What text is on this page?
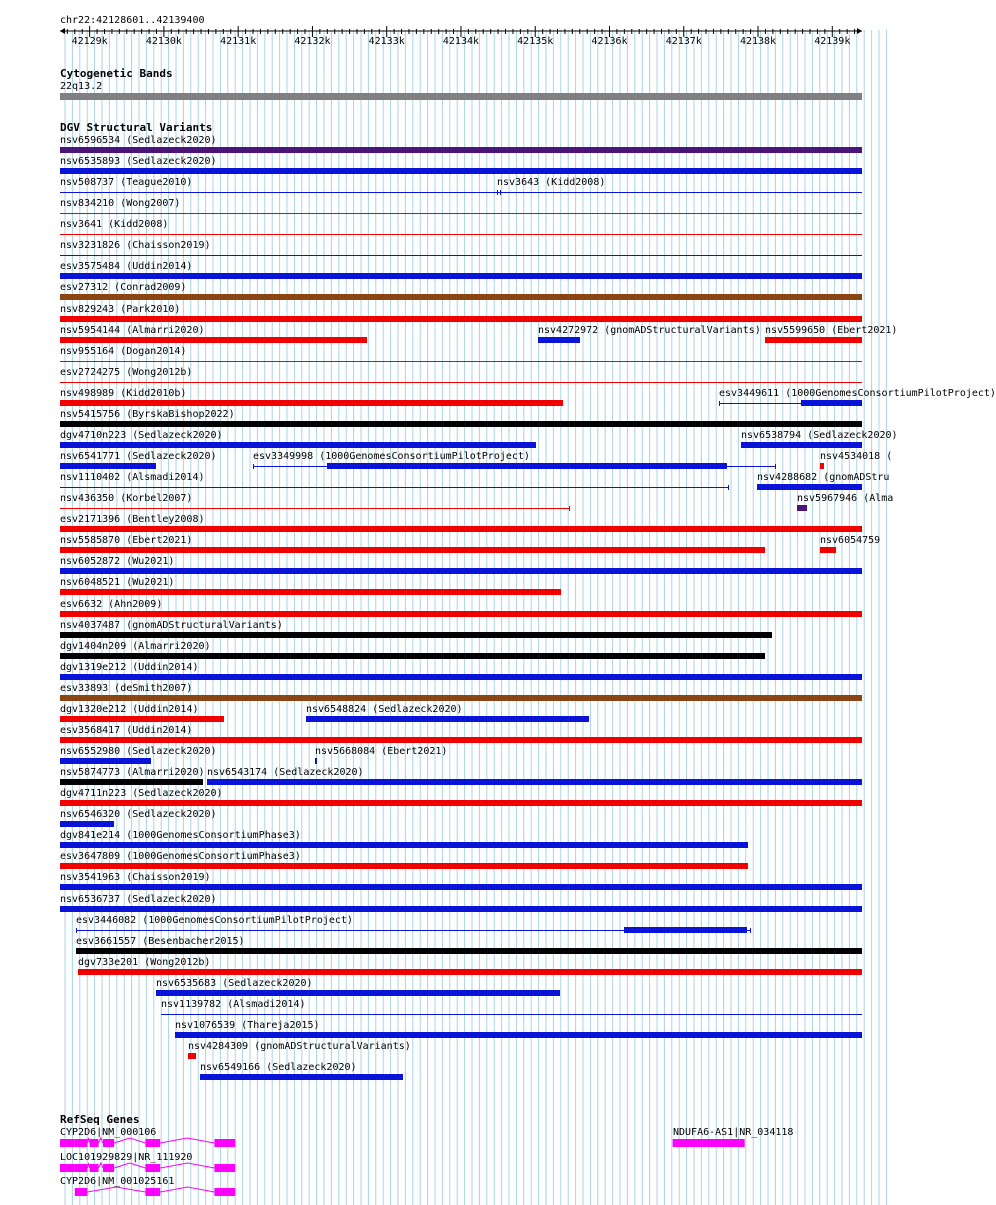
chr22:42128601..42139400
42129k	42130k	42131k	42132k	42133k	42134k	42135k	42136k	42137k	42138k	42139k
Cytogenetic Bands
22q13.2
DGV Structural Variants
nsv6596534 (Sedlazeck2020)
nsv6535893 (Sedlazeck2020)
nsv508737 (Teague2010)	nsv3643 (Kidd2008)
nsv834210 (Wong2007)
nsv3641 (Kidd2008)
nsv3231826 (Chaisson2019)
esv3575484 (Uddin2014)
esv27312 (Conrad2009)
nsv829243 (Park2010)
nsv5954144 (Almarri2020)	nsv4272972 (gnomADStructuralVariants) nsv5599650 (Ebert2021)
nsv955164 (Dogan2014)
esv2724275 (Wong2012b)
nsv498989 (Kidd2010b)	esv3449611 (1000GenomesConsortiumPilotProject)
nsv5415756 (ByrskaBishop2022)
dgv4710n223 (Sedlazeck2020)	nsv6538794 (Sedlazeck2020)
nsv6541771 (Sedlazeck2020)	esv3349998 (1000GenomesConsortiumPilotProject)	nsv4534018 (
nsv1110402 (Alsmadi2014)	nsv4288682 (gnomADStru
nsv436350 (Korbel2007)	nsv5967946 (Alma
esv2171396 (Bentley2008)
nsv5585870 (Ebert2021)	nsv6054759
nsv6052872 (Wu2021)
nsv6048521 (Wu2021)
esv6632 (Ahn2009)
nsv4037487 (gnomADStructuralVariants)
dgv1404n209 (Almarri2020)
dgv1319e212 (Uddin2014)
esv33893 (deSmith2007)
dgv1320e212 (Uddin2014)	nsv6548824 (Sedlazeck2020)
esv3568417 (Uddin2014)
nsv6552980 (Sedlazeck2020)	nsv5668084 (Ebert2021)
nsv5874773 (Almarri2020) nsv6543174 (Sedlazeck2020)
dgv4711n223 (Sedlazeck2020)
nsv6546320 (Sedlazeck2020)
dgv841e214 (1000GenomesConsortiumPhase3)
esv3647809 (1000GenomesConsortiumPhase3)
nsv3541963 (Chaisson2019)
nsv6536737 (Sedlazeck2020)
esv3446082 (1000GenomesConsortiumPilotProject)
esv3661557 (Besenbacher2015)
dgv733e201 (Wong2012b)
nsv6535683 (Sedlazeck2020)
nsv1139782 (Alsmadi2014)
nsv1076539 (Thareja2015)
nsv4284309 (gnomADStructuralVariants)
nsv6549166 (Sedlazeck2020)
RefSeq Genes
CYP2D6|NM_000106
LOC101929829|NR_111920
CYP2D6|NM_001025161
NDUFA6-AS1|NR_034118
